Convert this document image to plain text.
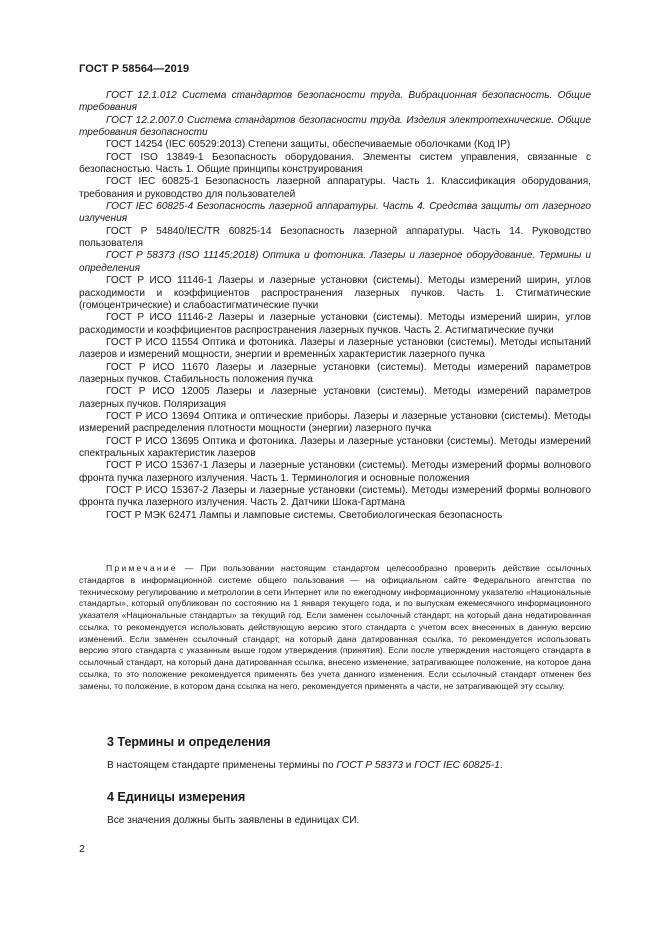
ГОСТ Р 58564—2019

ГОСТ 12.1.012 Система стандартов безопасности труда. Вибрационная безопасность. Общие требования

ГОСТ 12.2.007.0 Система стандартов безопасности труда. Изделия электротехнические. Общие требования безопасности

ГОСТ 14254 (IEC 60529:2013) Степени защиты, обеспечиваемые оболочками (Код IP)

ГОСТ ISO 13849-1 Безопасность оборудования. Элементы систем управления, связанные с безопасностью. Часть 1. Общие принципы конструирования

ГОСТ IEC 60825-1 Безопасность лазерной аппаратуры. Часть 1. Классификация оборудования, требования и руководство для пользователей

ГОСТ IEC 60825-4 Безопасность лазерной аппаратуры. Часть 4. Средства защиты от лазерного излучения

ГОСТ Р 54840/IEC/TR 60825-14 Безопасность лазерной аппаратуры. Часть 14. Руководство пользователя

ГОСТ Р 58373 (ISO 11145:2018) Оптика и фотоника. Лазеры и лазерное оборудование. Термины и определения

ГОСТ Р ИСО 11146-1 Лазеры и лазерные установки (системы). Методы измерений ширин, углов расходимости и коэффициентов распространения лазерных пучков. Часть 1. Стигматические (гомоцентрические) и слабоастигматические пучки

ГОСТ Р ИСО 11146-2 Лазеры и лазерные установки (системы). Методы измерений ширин, углов расходимости и коэффициентов распространения лазерных пучков. Часть 2. Астигматические пучки

ГОСТ Р ИСО 11554 Оптика и фотоника. Лазеры и лазерные установки (системы). Методы испытаний лазеров и измерений мощности, энергии и временны́х характеристик лазерного пучка

ГОСТ Р ИСО 11670 Лазеры и лазерные установки (системы). Методы измерений параметров лазерных пучков. Стабильность положения пучка

ГОСТ Р ИСО 12005 Лазеры и лазерные установки (системы). Методы измерений параметров лазерных пучков. Поляризация

ГОСТ Р ИСО 13694 Оптика и оптические приборы. Лазеры и лазерные установки (системы). Методы измерений распределения плотности мощности (энергии) лазерного пучка

ГОСТ Р ИСО 13695 Оптика и фотоника. Лазеры и лазерные установки (системы). Методы измерений спектральных характеристик лазеров

ГОСТ Р ИСО 15367-1 Лазеры и лазерные установки (системы). Методы измерений формы волнового фронта пучка лазерного излучения. Часть 1. Терминология и основные положения

ГОСТ Р ИСО 15367-2 Лазеры и лазерные установки (системы). Методы измерений формы волнового фронта пучка лазерного излучения. Часть 2. Датчики Шока-Гартмана

ГОСТ Р МЭК 62471 Лампы и ламповые системы. Светобиологическая безопасность

Примечание — При пользовании настоящим стандартом целесообразно проверить действие ссылочных стандартов в информационной системе общего пользования — на официальном сайте Федерального агентства по техническому регулированию и метрологии в сети Интернет или по ежегодному информационному указателю «Национальные стандарты», который опубликован по состоянию на 1 января текущего года, и по выпускам ежемесячного информационного указателя «Национальные стандарты» за текущий год. Если заменен ссылочный стандарт, на который дана недатированная ссылка, то рекомендуется использовать действующую версию этого стандарта с учетом всех внесенных в данную версию изменений. Если заменен ссылочный стандарт, на который дана датированная ссылка, то рекомендуется использовать версию этого стандарта с указанным выше годом утверждения (принятия). Если после утверждения настоящего стандарта в ссылочный стандарт, на который дана датированная ссылка, внесено изменение, затрагивающее положение, на которое дана ссылка, то это положение рекомендуется применять без учета данного изменения. Если ссылочный стандарт отменен без замены, то положение, в котором дана ссылка на него, рекомендуется применять в части, не затрагивающей эту ссылку.

3 Термины и определения
В настоящем стандарте применены термины по ГОСТ Р 58373 и ГОСТ IEC 60825-1.
4 Единицы измерения
Все значения должны быть заявлены в единицах СИ.
2
